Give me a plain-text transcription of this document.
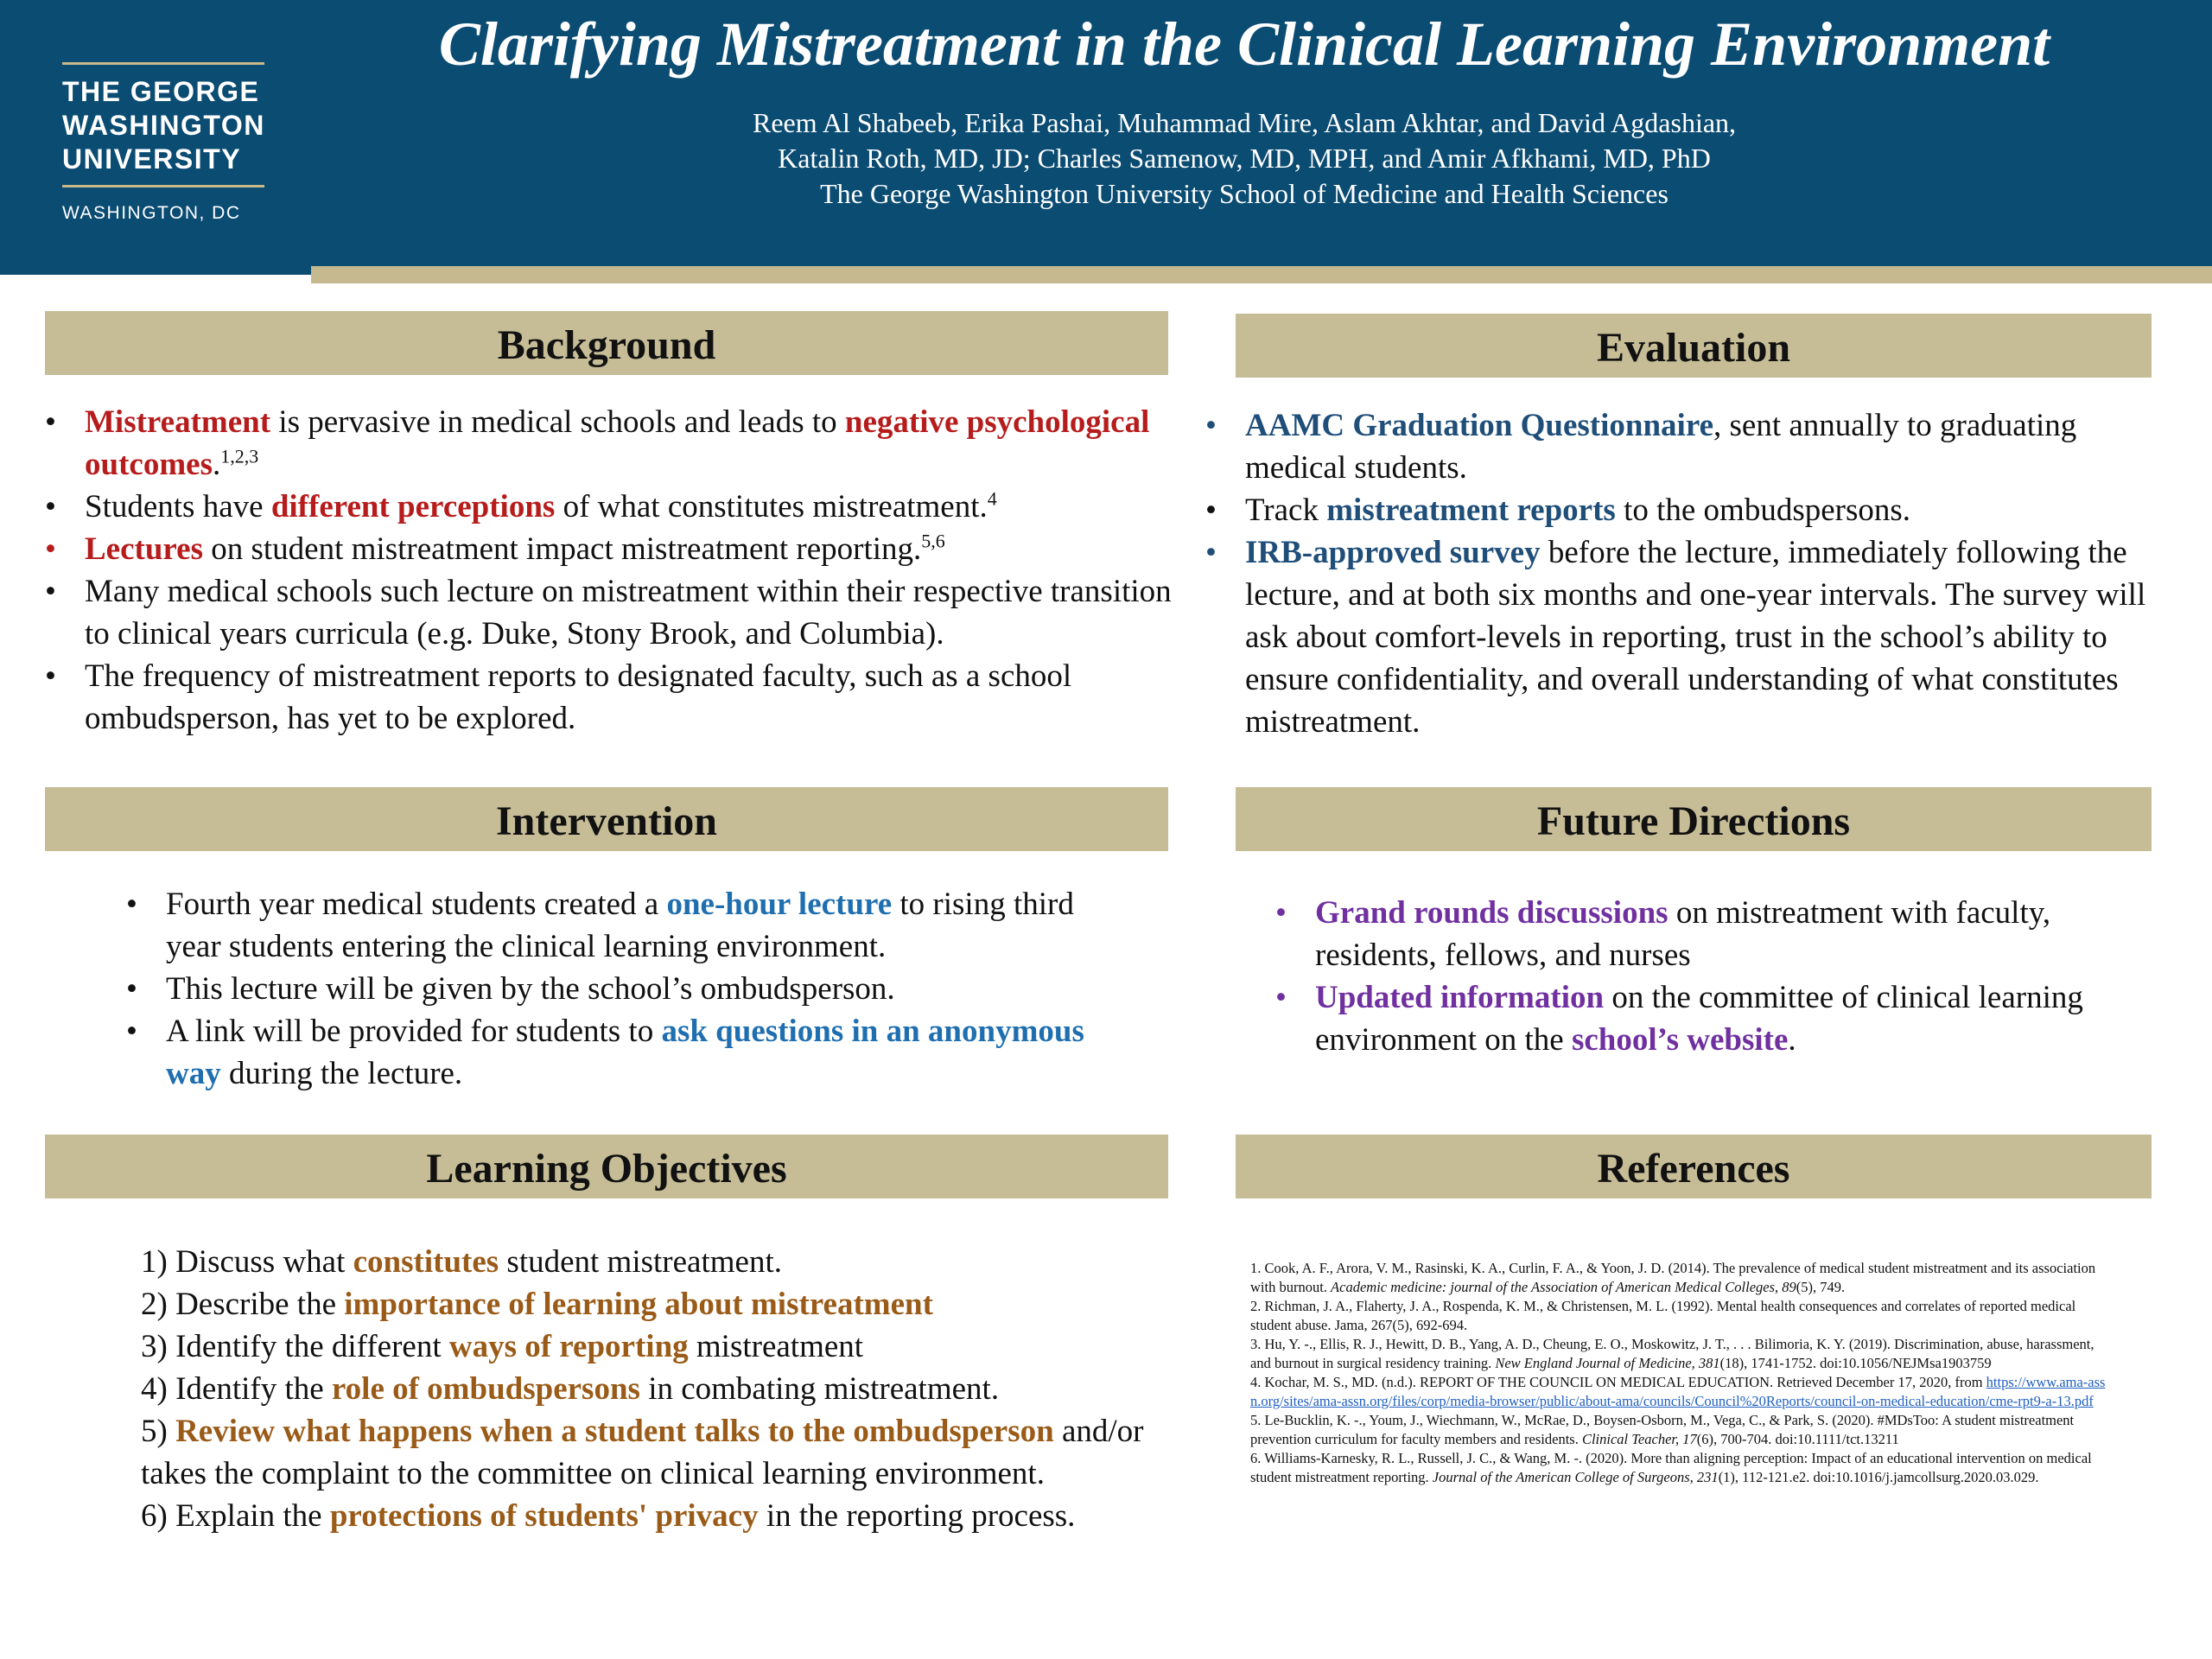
THE GEORGE
WASHINGTON
UNIVERSITY
WASHINGTON, DC
Clarifying Mistreatment in the Clinical Learning Environment
Reem Al Shabeeb, Erika Pashai, Muhammad Mire, Aslam Akhtar, and David Agdashian,
Katalin Roth, MD, JD; Charles Samenow, MD, MPH, and Amir Afkhami, MD, PhD
The George Washington University School of Medicine and Health Sciences
Background
• Mistreatment is pervasive in medical schools and leads to negative psychological outcomes.$^{1,2,3}$
• Students have different perceptions of what constitutes mistreatment.$^4$
• Lectures on student mistreatment impact mistreatment reporting.$^{5,6}$
• Many medical schools such lecture on mistreatment within their respective transition to clinical years curricula (e.g. Duke, Stony Brook, and Columbia).
• The frequency of mistreatment reports to designated faculty, such as a school ombudsperson, has yet to be explored.
Evaluation
• AAMC Graduation Questionnaire, sent annually to graduating medical students.
• Track mistreatment reports to the ombudspersons.
• IRB-approved survey before the lecture, immediately following the lecture, and at both six months and one-year intervals. The survey will ask about comfort-levels in reporting, trust in the school’s ability to ensure confidentiality, and overall understanding of what constitutes mistreatment.
Intervention
• Fourth year medical students created a one-hour lecture to rising third year students entering the clinical learning environment.
• This lecture will be given by the school’s ombudsperson.
• A link will be provided for students to ask questions in an anonymous way during the lecture.
Future Directions
• Grand rounds discussions on mistreatment with faculty, residents, fellows, and nurses
• Updated information on the committee of clinical learning environment on the school’s website.
Learning Objectives
1) Discuss what constitutes student mistreatment.
2) Describe the importance of learning about mistreatment
3) Identify the different ways of reporting mistreatment
4) Identify the role of ombudspersons in combating mistreatment.
5) Review what happens when a student talks to the ombudsperson and/or takes the complaint to the committee on clinical learning environment.
6) Explain the protections of students' privacy in the reporting process.
References
1. Cook, A. F., Arora, V. M., Rasinski, K. A., Curlin, F. A., & Yoon, J. D. (2014). The prevalence of medical student mistreatment and its association with burnout. Academic medicine: journal of the Association of American Medical Colleges, 89(5), 749.
2. Richman, J. A., Flaherty, J. A., Rospenda, K. M., & Christensen, M. L. (1992). Mental health consequences and correlates of reported medical student abuse. Jama, 267(5), 692-694.
3. Hu, Y. -., Ellis, R. J., Hewitt, D. B., Yang, A. D., Cheung, E. O., Moskowitz, J. T., . . . Bilimoria, K. Y. (2019). Discrimination, abuse, harassment, and burnout in surgical residency training. New England Journal of Medicine, 381(18), 1741-1752. doi:10.1056/NEJMsa1903759
4. Kochar, M. S., MD. (n.d.). REPORT OF THE COUNCIL ON MEDICAL EDUCATION. Retrieved December 17, 2020, from https://www.ama-assn.org/sites/ama-assn.org/files/corp/media-browser/public/about-ama/councils/Council%20Reports/council-on-medical-education/cme-rpt9-a-13.pdf
5. Le-Bucklin, K. -., Youm, J., Wiechmann, W., McRae, D., Boysen-Osborn, M., Vega, C., & Park, S. (2020). #MDsToo: A student mistreatment prevention curriculum for faculty members and residents. Clinical Teacher, 17(6), 700-704. doi:10.1111/tct.13211
6. Williams-Karnesky, R. L., Russell, J. C., & Wang, M. -. (2020). More than aligning perception: Impact of an educational intervention on medical student mistreatment reporting. Journal of the American College of Surgeons, 231(1), 112-121.e2. doi:10.1016/j.jamcollsurg.2020.03.029.
